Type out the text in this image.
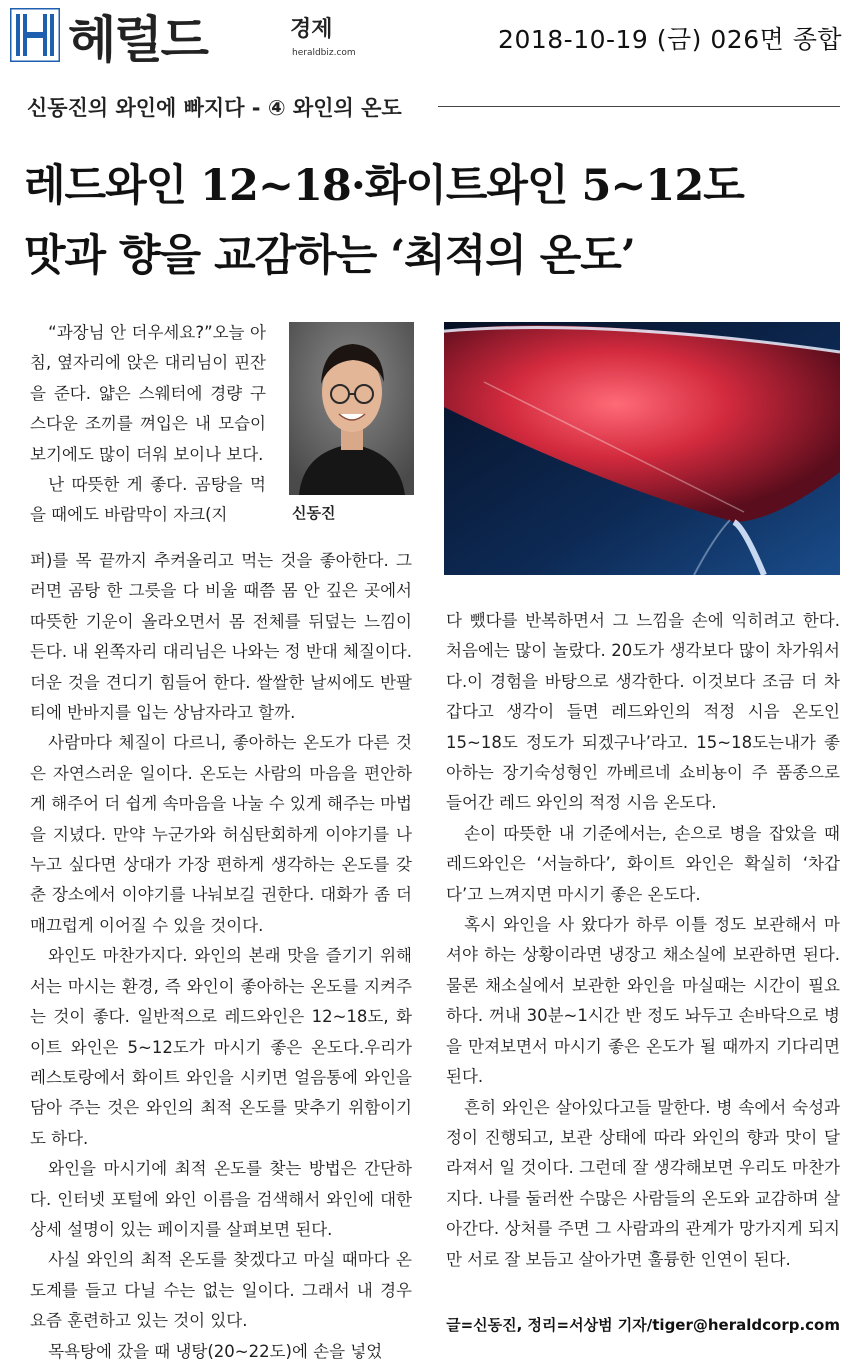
헤럴드	경제
heraldbiz.com	2018-10-19 (금) 026면 종합
신동진의 와인에 빠지다 - ④ 와인의 온도
레드와인 12~18·화이트와인 5~12도
맛과 향을 교감하는 ‘최적의 온도’
신동진

“과장님 안 더우세요?”오늘 아침, 옆자리에 앉은 대리님이 핀잔을 준다. 얇은 스웨터에 경량 구스다운 조끼를 껴입은 내 모습이 보기에도 많이 더워 보이나 보다.

난 따뜻한 게 좋다. 곰탕을 먹을 때에도 바람막이 자크(지

퍼)를 목 끝까지 추켜올리고 먹는 것을 좋아한다. 그러면 곰탕 한 그릇을 다 비울 때쯤 몸 안 깊은 곳에서 따뜻한 기운이 올라오면서 몸 전체를 뒤덮는 느낌이 든다. 내 왼쪽자리 대리님은 나와는 정 반대 체질이다. 더운 것을 견디기 힘들어 한다. 쌀쌀한 날씨에도 반팔티에 반바지를 입는 상남자라고 할까.

사람마다 체질이 다르니, 좋아하는 온도가 다른 것은 자연스러운 일이다. 온도는 사람의 마음을 편안하게 해주어 더 쉽게 속마음을 나눌 수 있게 해주는 마법을 지녔다. 만약 누군가와 허심탄회하게 이야기를 나누고 싶다면 상대가 가장 편하게 생각하는 온도를 갖춘 장소에서 이야기를 나눠보길 권한다. 대화가 좀 더 매끄럽게 이어질 수 있을 것이다.

와인도 마찬가지다. 와인의 본래 맛을 즐기기 위해서는 마시는 환경, 즉 와인이 좋아하는 온도를 지켜주는 것이 좋다. 일반적으로 레드와인은 12~18도, 화이트 와인은 5~12도가 마시기 좋은 온도다.우리가 레스토랑에서 화이트 와인을 시키면 얼음통에 와인을 담아 주는 것은 와인의 최적 온도를 맞추기 위함이기도 하다.

와인을 마시기에 최적 온도를 찾는 방법은 간단하다. 인터넷 포털에 와인 이름을 검색해서 와인에 대한 상세 설명이 있는 페이지를 살펴보면 된다.

사실 와인의 최적 온도를 찾겠다고 마실 때마다 온도계를 들고 다닐 수는 없는 일이다. 그래서 내 경우 요즘 훈련하고 있는 것이 있다.

목욕탕에 갔을 때 냉탕(20~22도)에 손을 넣었

다 뺐다를 반복하면서 그 느낌을 손에 익히려고 한다. 처음에는 많이 놀랐다. 20도가 생각보다 많이 차가워서다.이 경험을 바탕으로 생각한다. 이것보다 조금 더 차갑다고 생각이 들면 레드와인의 적정 시음 온도인 15~18도 정도가 되겠구나’라고. 15~18도는내가 좋아하는 장기숙성형인 까베르네 쇼비뇽이 주 품종으로 들어간 레드 와인의 적정 시음 온도다.

손이 따뜻한 내 기준에서는, 손으로 병을 잡았을 때 레드와인은 ‘서늘하다’, 화이트 와인은 확실히 ‘차갑다’고 느껴지면 마시기 좋은 온도다.

혹시 와인을 사 왔다가 하루 이틀 정도 보관해서 마셔야 하는 상황이라면 냉장고 채소실에 보관하면 된다. 물론 채소실에서 보관한 와인을 마실때는 시간이 필요하다. 꺼내 30분~1시간 반 정도 놔두고 손바닥으로 병을 만져보면서 마시기 좋은 온도가 될 때까지 기다리면 된다.

흔히 와인은 살아있다고들 말한다. 병 속에서 숙성과정이 진행되고, 보관 상태에 따라 와인의 향과 맛이 달라져서 일 것이다. 그런데 잘 생각해보면 우리도 마찬가지다. 나를 둘러싼 수많은 사람들의 온도와 교감하며 살아간다. 상처를 주면 그 사람과의 관계가 망가지게 되지만 서로 잘 보듬고 살아가면 훌륭한 인연이 된다.

글=신동진, 정리=서상범 기자/tiger@heraldcorp.com
